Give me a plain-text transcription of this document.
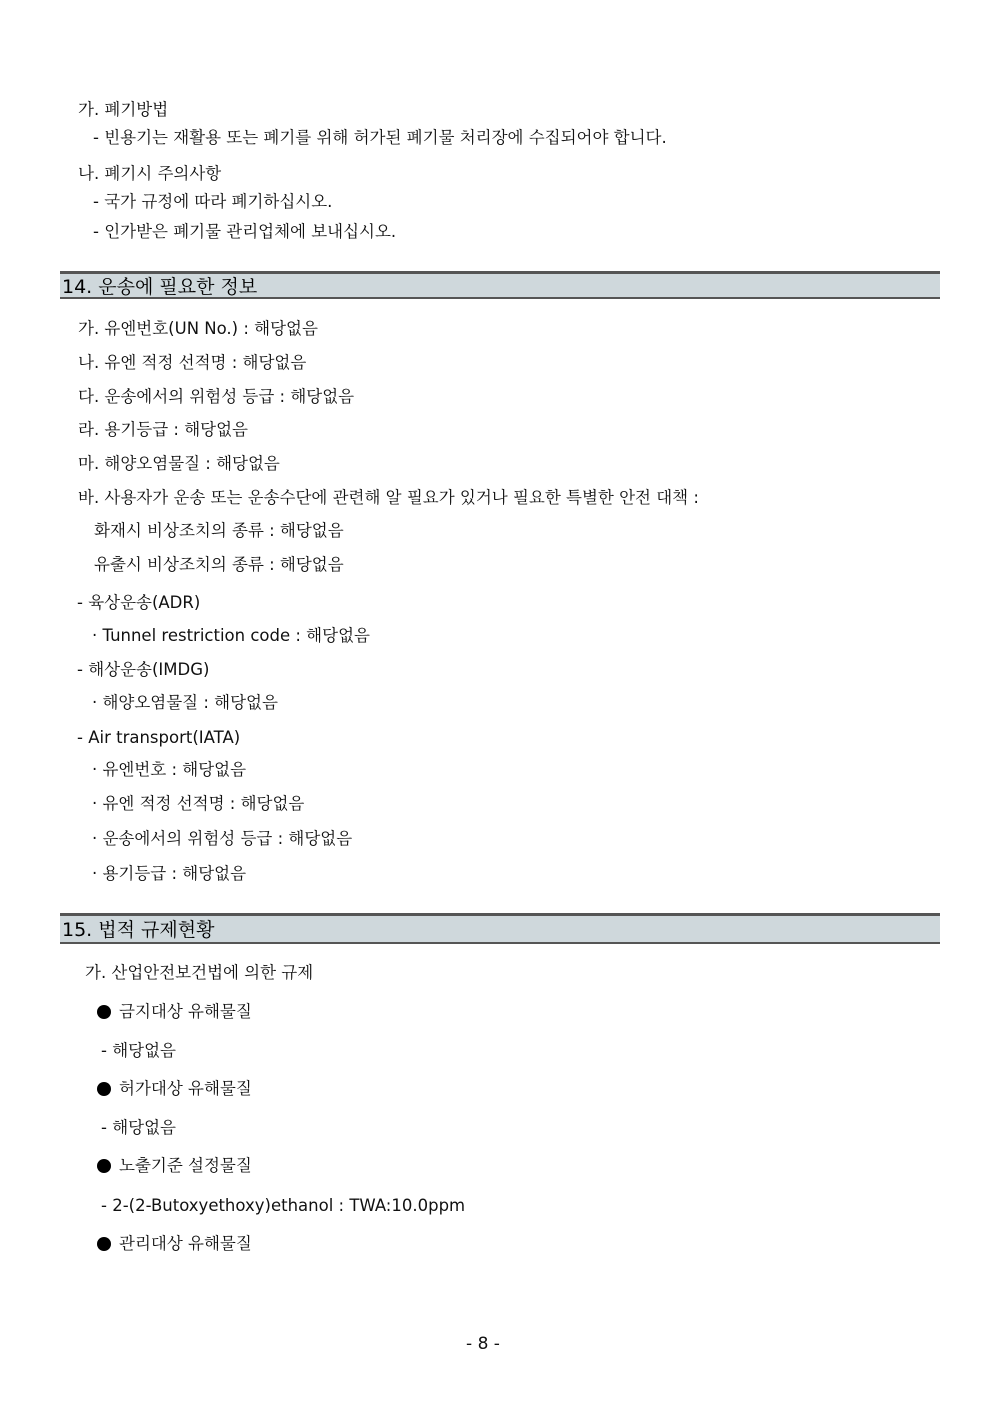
가. 폐기방법
- 빈용기는 재활용 또는 폐기를 위해 허가된 폐기물 처리장에 수집되어야 합니다.
나. 폐기시 주의사항
- 국가 규정에 따라 폐기하십시오.
- 인가받은 폐기물 관리업체에 보내십시오.
14. 운송에 필요한 정보
가. 유엔번호(UN No.) : 해당없음
나. 유엔 적정 선적명 : 해당없음
다. 운송에서의 위험성 등급 : 해당없음
라. 용기등급 : 해당없음
마. 해양오염물질 : 해당없음
바. 사용자가 운송 또는 운송수단에 관련해 알 필요가 있거나 필요한 특별한 안전 대책 :
화재시 비상조치의 종류 : 해당없음
유출시 비상조치의 종류 : 해당없음
- 육상운송(ADR)
· Tunnel restriction code : 해당없음
- 해상운송(IMDG)
· 해양오염물질 : 해당없음
- Air transport(IATA)
· 유엔번호 : 해당없음
· 유엔 적정 선적명 : 해당없음
· 운송에서의 위험성 등급 : 해당없음
· 용기등급 : 해당없음
15. 법적 규제현황
가. 산업안전보건법에 의한 규제
금지대상 유해물질
- 해당없음
허가대상 유해물질
- 해당없음
노출기준 설정물질
- 2-(2-Butoxyethoxy)ethanol : TWA:10.0ppm
관리대상 유해물질
- 8 -
